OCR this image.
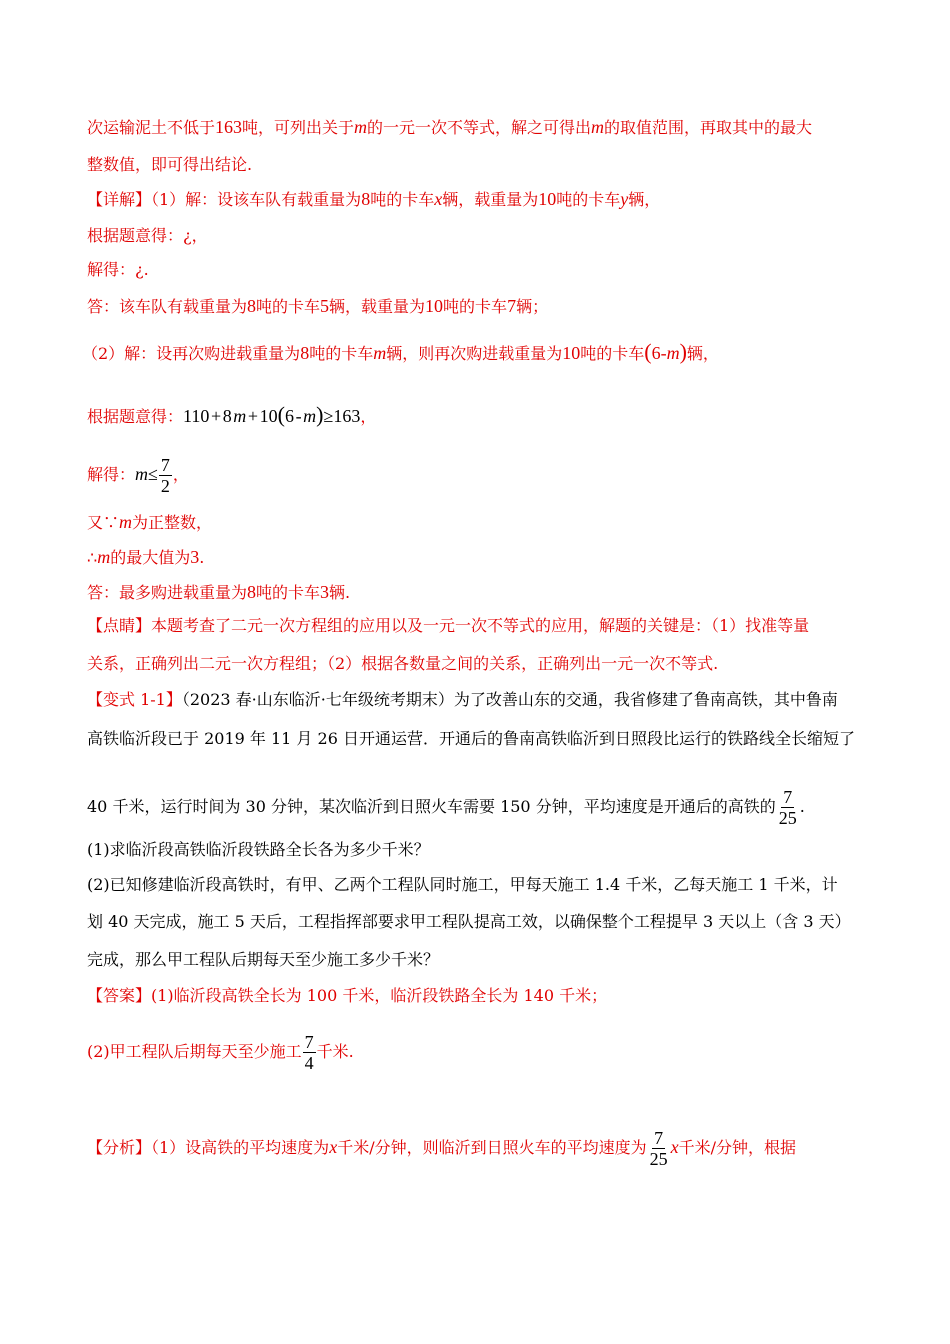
次运输泥土不低于163吨，可列出关于m的一元一次不等式，解之可得出m的取值范围，再取其中的最大
整数值，即可得出结论.
【详解】（1）解：设该车队有载重量为8吨的卡车x辆，载重量为10吨的卡车y辆，
根据题意得：¿，
解得：¿.
答：该车队有载重量为8吨的卡车5辆，载重量为10吨的卡车7辆；
（2）解：设再次购进载重量为8吨的卡车m辆，则再次购进载重量为10吨的卡车(6-m)辆，
根据题意得：110 + 8 m + 10(6 - m)≥163，
解得：$m\le \frac{7}{2}$ ，
又∵m为正整数，
∴m的最大值为3.
答：最多购进载重量为8吨的卡车3辆.
【点睛】本题考查了二元一次方程组的应用以及一元一次不等式的应用，解题的关键是：（1）找准等量
关系，正确列出二元一次方程组；（2）根据各数量之间的关系，正确列出一元一次不等式.
【变式 1-1】（2023 春·山东临沂·七年级统考期末）为了改善山东的交通，我省修建了鲁南高铁，其中鲁南
高铁临沂段已于 2019 年 11 月 26 日开通运营．开通后的鲁南高铁临沂到日照段比运行的铁路线全长缩短了
40 千米，运行时间为 30 分钟，某次临沂到日照火车需要 150 分钟，平均速度是开通后的高铁的 $\frac{7}{25}$ .
(1)求临沂段高铁临沂段铁路全长各为多少千米？
(2)已知修建临沂段高铁时，有甲、乙两个工程队同时施工，甲每天施工 1.4 千米，乙每天施工 1 千米，计
划 40 天完成，施工 5 天后，工程指挥部要求甲工程队提高工效，以确保整个工程提早 3 天以上（含 3 天）
完成，那么甲工程队后期每天至少施工多少千米？
【答案】(1)临沂段高铁全长为 100 千米，临沂段铁路全长为 140 千米；
(2)甲工程队后期每天至少施工 $\frac{7}{4}$ 千米.
【分析】（1）设高铁的平均速度为x千米/分钟，则临沂到日照火车的平均速度为 $\frac{7}{25}$ x千米/分钟，根据
